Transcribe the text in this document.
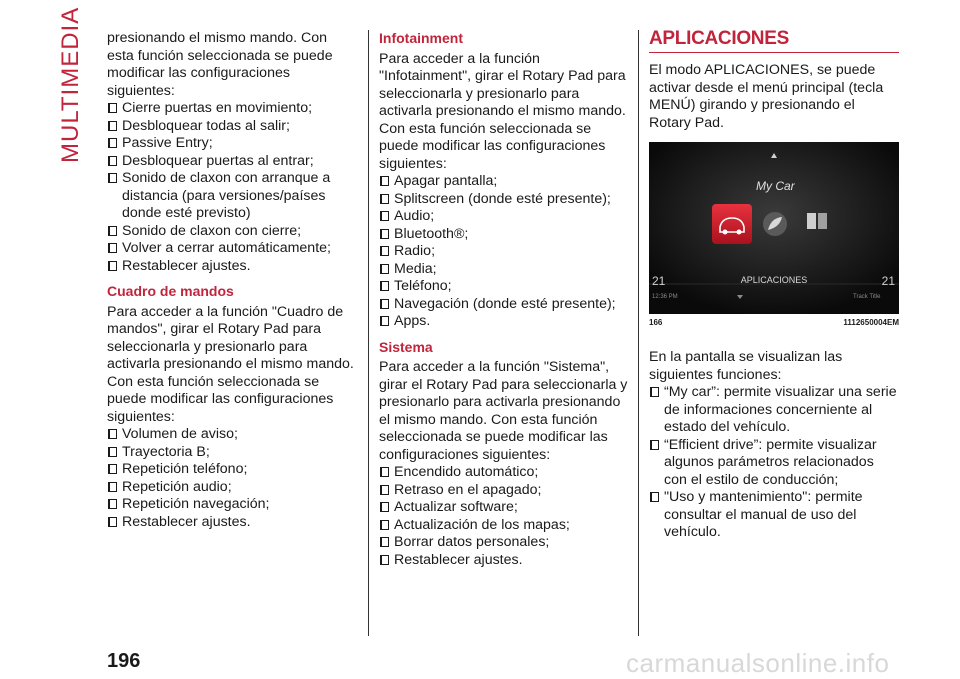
MULTIMEDIA presionando el mismo mando. Con esta función seleccionada se puede modificar las configuraciones siguientes:

Cierre puertas en movimiento;
Desbloquear todas al salir;
Passive Entry;
Desbloquear puertas al entrar;
Sonido de claxon con arranque a distancia (para versiones/países donde esté previsto)
Sonido de claxon con cierre;
Volver a cerrar automáticamente;
Restablecer ajustes.
Cuadro de mandos

Para acceder a la función "Cuadro de mandos", girar el Rotary Pad para seleccionarla y presionarlo para activarla presionando el mismo mando. Con esta función seleccionada se puede modificar las configuraciones siguientes:

Volumen de aviso;
Trayectoria B;
Repetición teléfono;
Repetición audio;
Repetición navegación;
Restablecer ajustes.
Infotainment

Para acceder a la función "Infotainment", girar el Rotary Pad para seleccionarla y presionarlo para activarla presionando el mismo mando. Con esta función seleccionada se puede modificar las configuraciones siguientes:

Apagar pantalla;
Splitscreen (donde esté presente);
Audio;
Bluetooth®;
Radio;
Media;
Teléfono;
Navegación (donde esté presente);
Apps.
Sistema

Para acceder a la función "Sistema", girar el Rotary Pad para seleccionarla y presionarlo para activarla presionando el mismo mando. Con esta función seleccionada se puede modificar las configuraciones siguientes:

Encendido automático;
Retraso en el apagado;
Actualizar software;
Actualización de los mapas;
Borrar datos personales;
Restablecer ajustes.
APLICACIONES

El modo APLICACIONES, se puede activar desde el menú principal (tecla MENÚ) girando y presionando el Rotary Pad.

My Car
21	APLICACIONES	21
12:36 PM	Track Title
166	1112650004EM

En la pantalla se visualizan las siguientes funciones:

“My car”: permite visualizar una serie de informaciones concerniente al estado del vehículo.
“Efficient drive”: permite visualizar algunos parámetros relacionados con el estilo de conducción;
"Uso y mantenimiento": permite consultar el manual de uso del vehículo.
196	carmanualsonline.info
